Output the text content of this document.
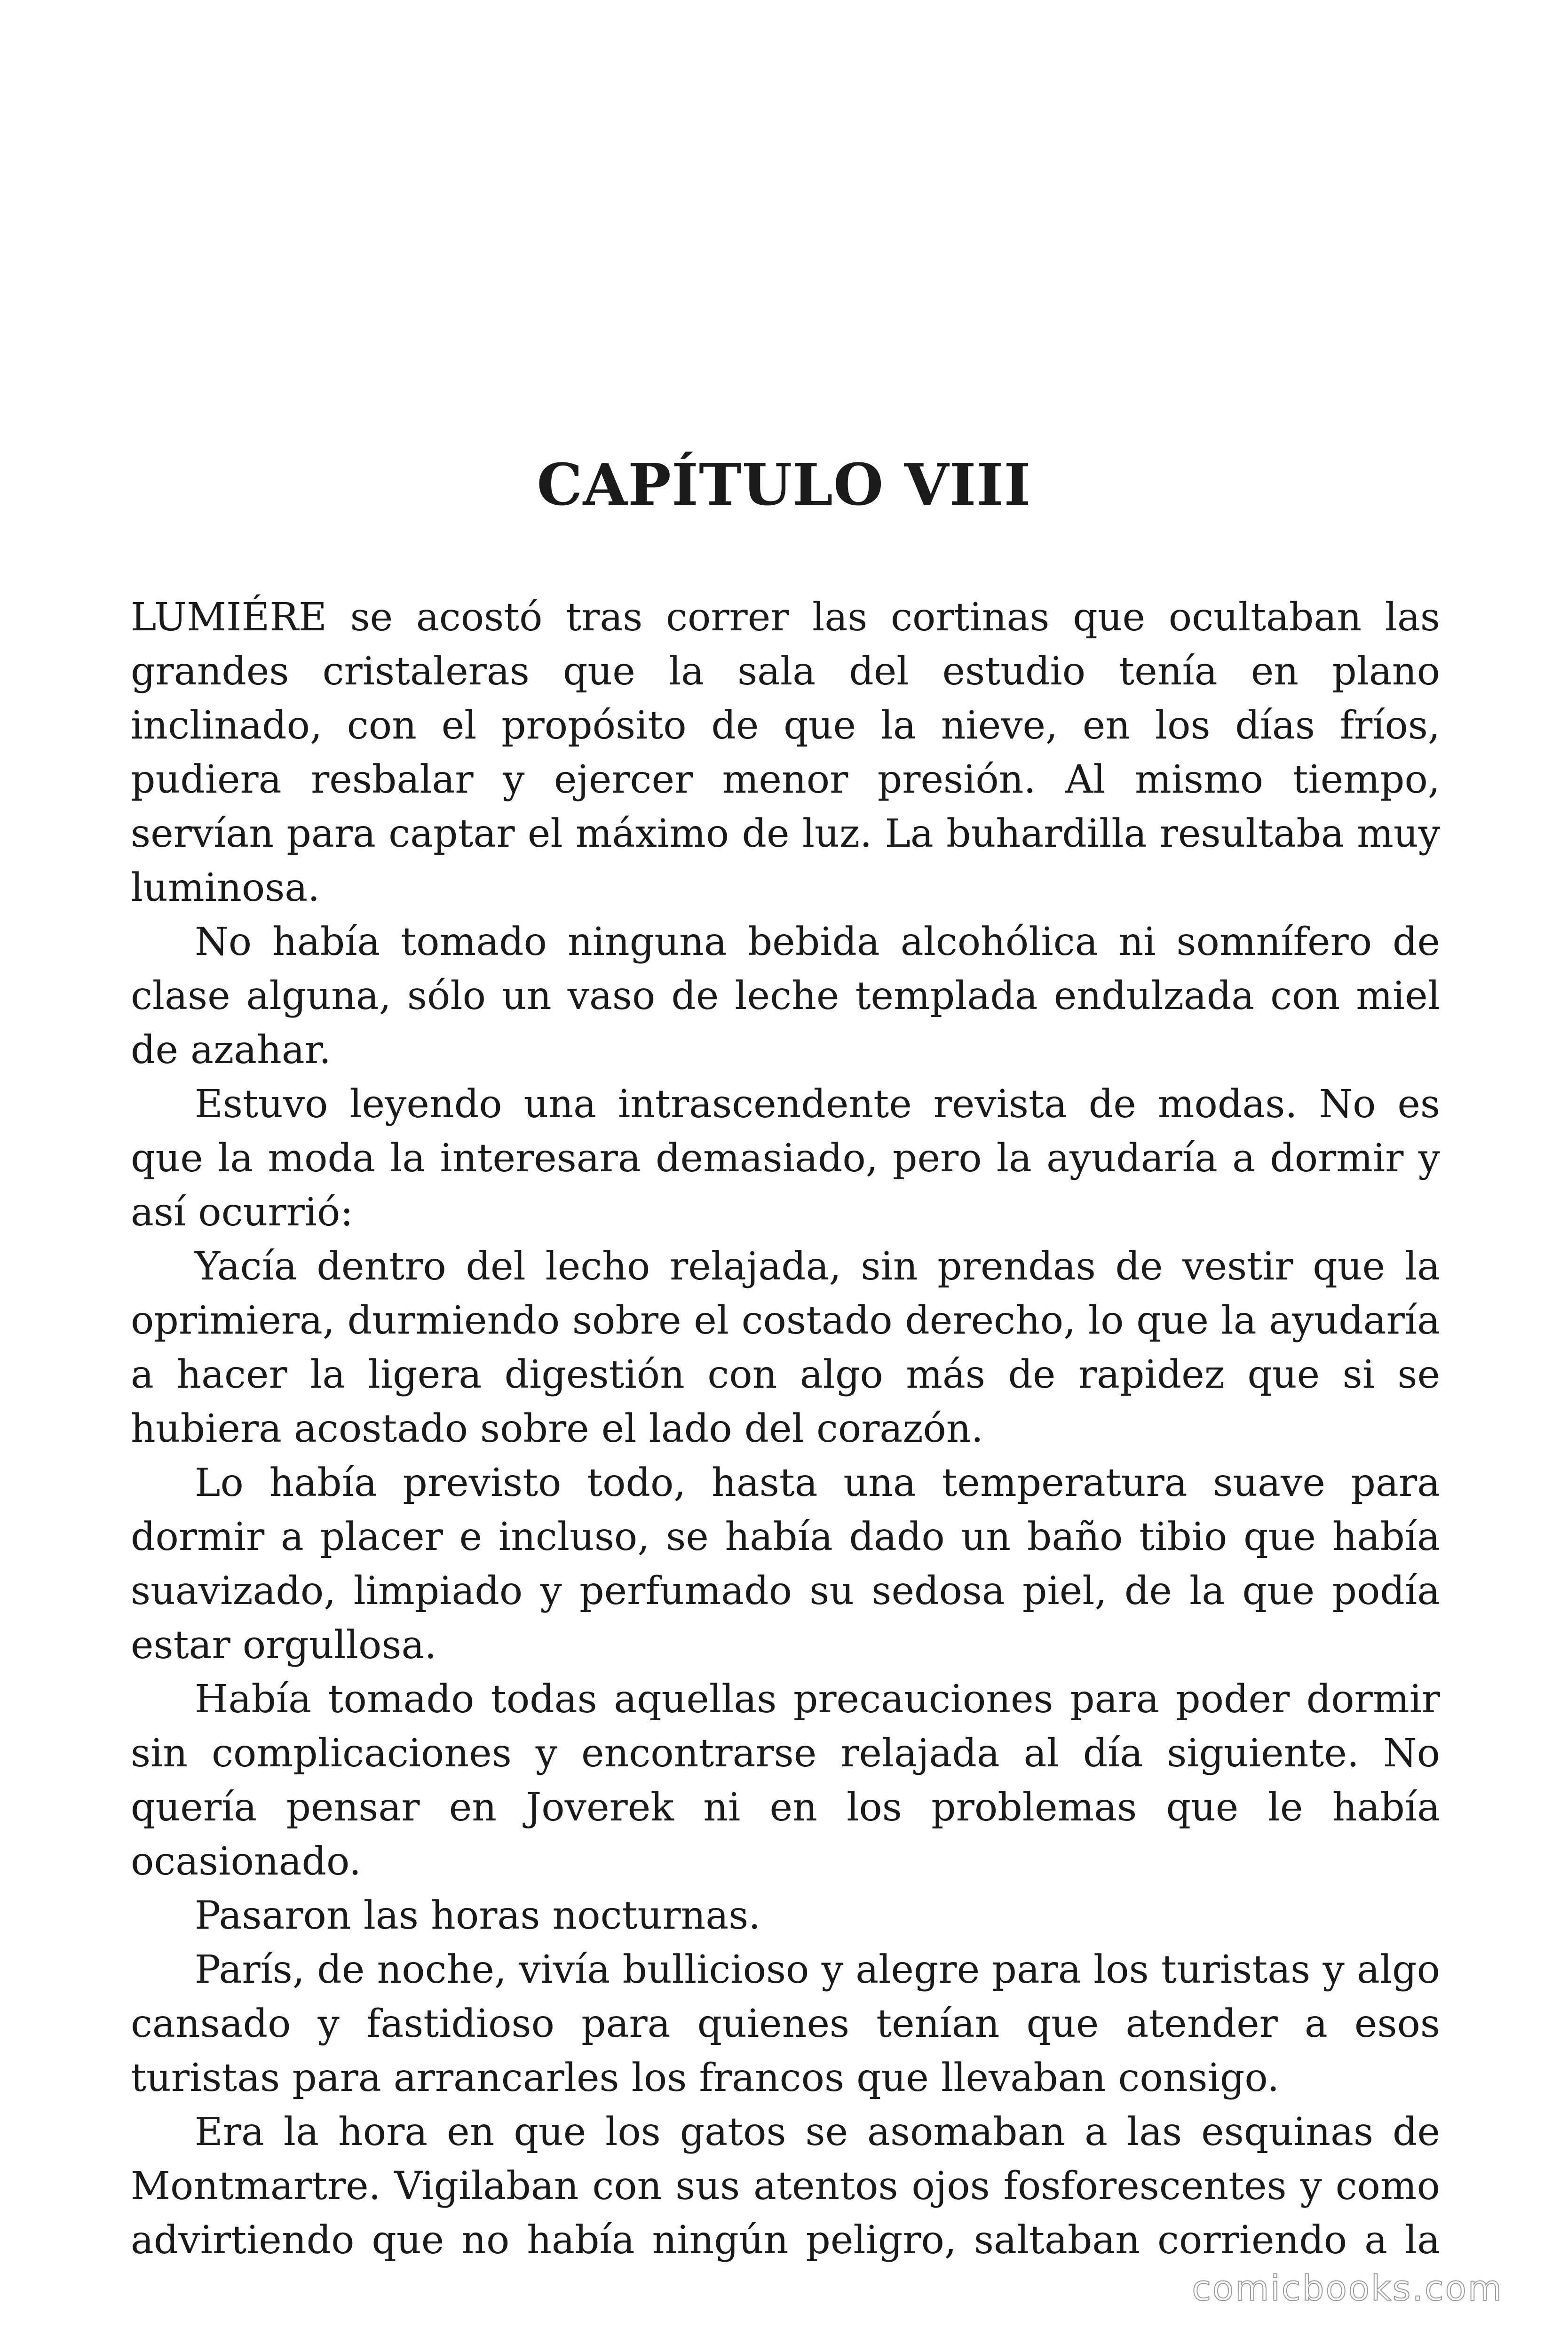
CAPÍTULO VIII

LUMIÉRE se acostó tras correr las cortinas que ocultaban las grandes cristaleras que la sala del estudio tenía en plano inclinado, con el propósito de que la nieve, en los días fríos, pudiera resbalar y ejercer menor presión. Al mismo tiempo, servían para captar el máximo de luz. La buhardilla resultaba muy luminosa.

No había tomado ninguna bebida alcohólica ni somnífero de clase alguna, sólo un vaso de leche templada endulzada con miel de azahar.

Estuvo leyendo una intrascendente revista de modas. No es que la moda la interesara demasiado, pero la ayudaría a dormir y así ocurrió:

Yacía dentro del lecho relajada, sin prendas de vestir que la oprimiera, durmiendo sobre el costado derecho, lo que la ayudaría a hacer la ligera digestión con algo más de rapidez que si se hubiera acostado sobre el lado del corazón.

Lo había previsto todo, hasta una temperatura suave para dormir a placer e incluso, se había dado un baño tibio que había suavizado, limpiado y perfumado su sedosa piel, de la que podía estar orgullosa.

Había tomado todas aquellas precauciones para poder dormir sin complicaciones y encontrarse relajada al día siguiente. No quería pensar en Joverek ni en los problemas que le había ocasionado.

Pasaron las horas nocturnas.

París, de noche, vivía bullicioso y alegre para los turistas y algo cansado y fastidioso para quienes tenían que atender a esos turistas para arrancarles los francos que llevaban consigo.

Era la hora en que los gatos se asomaban a las esquinas de Montmartre. Vigilaban con sus atentos ojos fosforescentes y como advirtiendo que no había ningún peligro, saltaban corriendo a la

comicbooks.com
